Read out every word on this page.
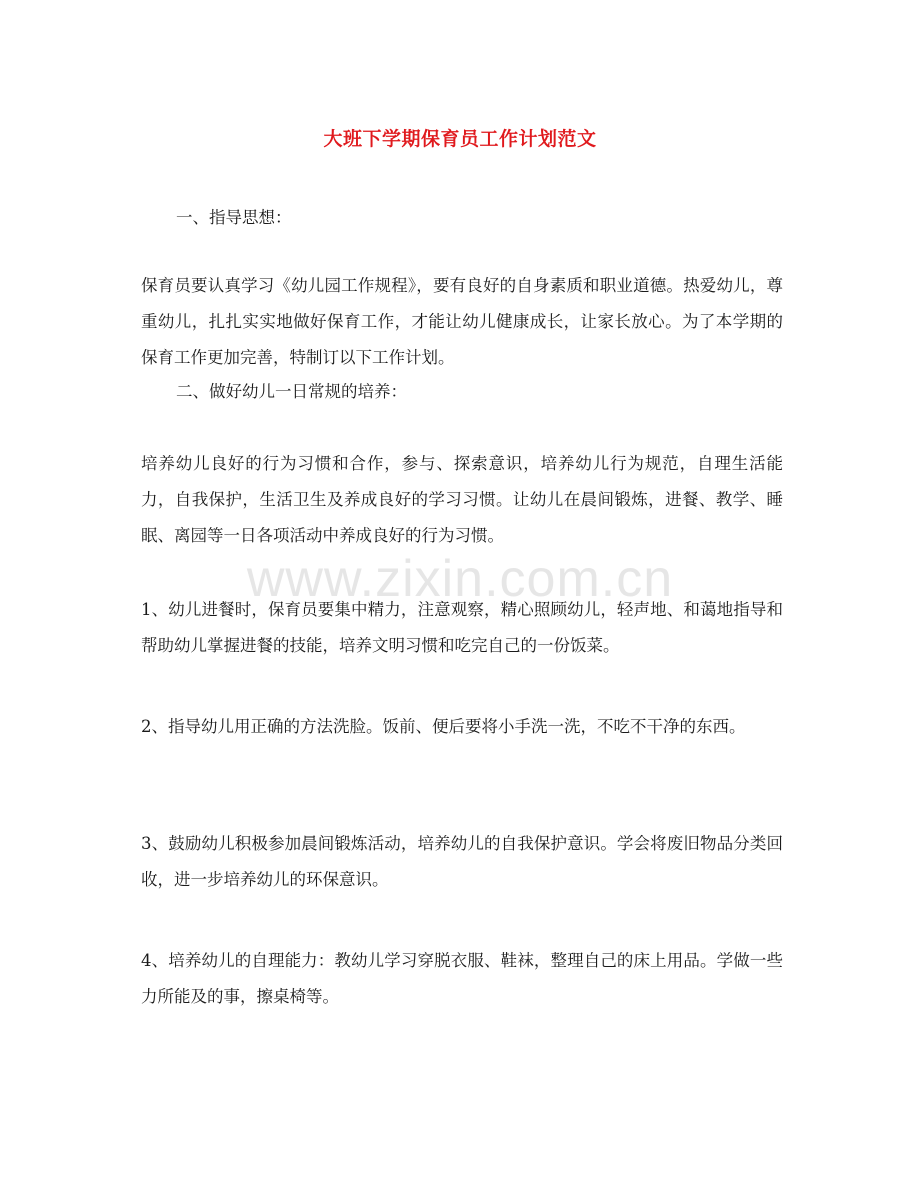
大班下学期保育员工作计划范文
一、指导思想：
保育员要认真学习《幼儿园工作规程》，要有良好的自身素质和职业道德。热爱幼儿，尊重幼儿，扎扎实实地做好保育工作，才能让幼儿健康成长，让家长放心。为了本学期的保育工作更加完善，特制订以下工作计划。
二、做好幼儿一日常规的培养：
培养幼儿良好的行为习惯和合作，参与、探索意识，培养幼儿行为规范，自理生活能力，自我保护，生活卫生及养成良好的学习习惯。让幼儿在晨间锻炼，进餐、教学、睡眠、离园等一日各项活动中养成良好的行为习惯。
1、幼儿进餐时，保育员要集中精力，注意观察，精心照顾幼儿，轻声地、和蔼地指导和帮助幼儿掌握进餐的技能，培养文明习惯和吃完自己的一份饭菜。
2、指导幼儿用正确的方法洗脸。饭前、便后要将小手洗一洗，不吃不干净的东西。
3、鼓励幼儿积极参加晨间锻炼活动，培养幼儿的自我保护意识。学会将废旧物品分类回收，进一步培养幼儿的环保意识。
4、培养幼儿的自理能力：教幼儿学习穿脱衣服、鞋袜，整理自己的床上用品。学做一些力所能及的事，擦桌椅等。
www.zixin.com.cn
